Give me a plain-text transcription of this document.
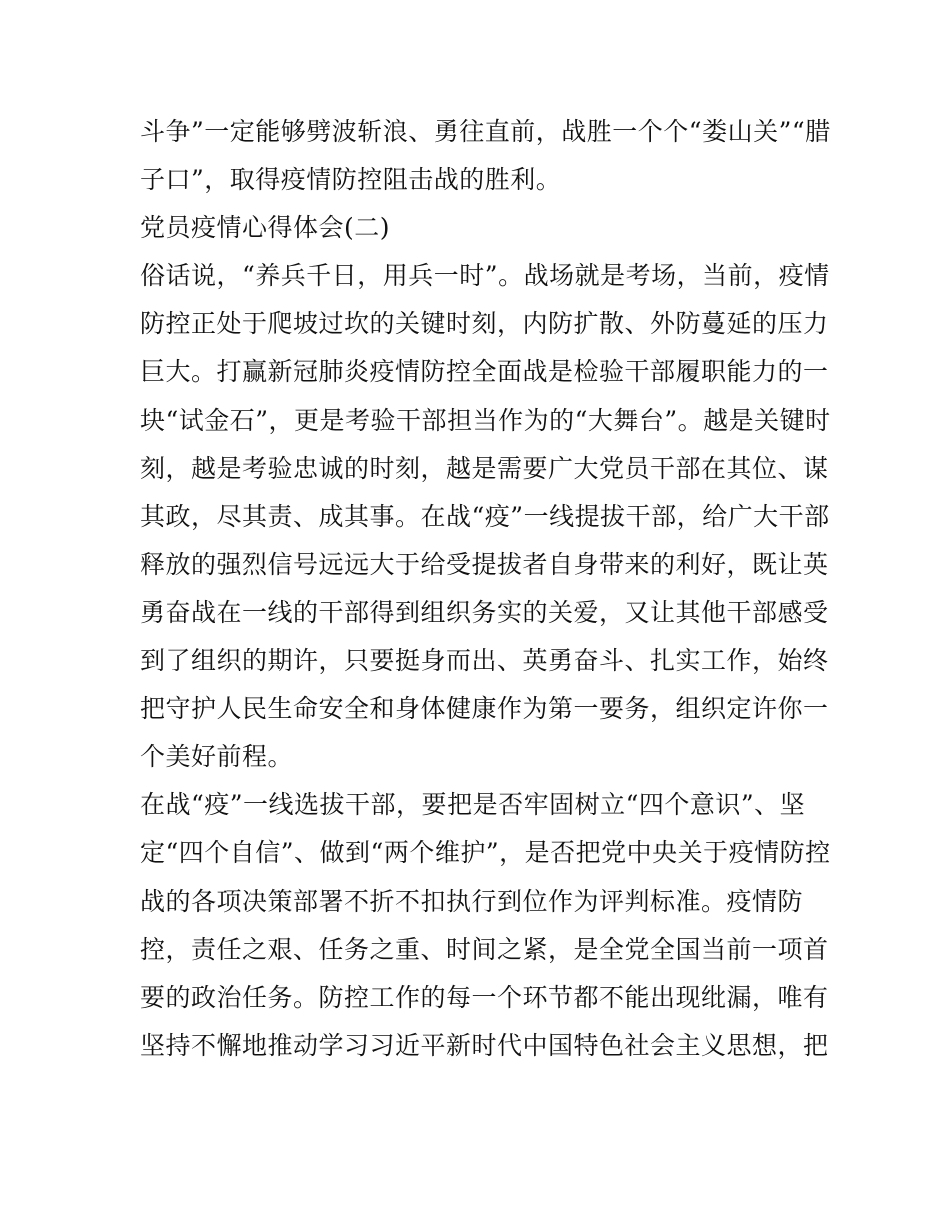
斗争”一定能够劈波斩浪、勇往直前，战胜一个个“娄山关”“腊
子口”，取得疫情防控阻击战的胜利。
党员疫情心得体会(二)
俗话说，“养兵千日，用兵一时”。战场就是考场，当前，疫情
防控正处于爬坡过坎的关键时刻，内防扩散、外防蔓延的压力
巨大。打赢新冠肺炎疫情防控全面战是检验干部履职能力的一
块“试金石”，更是考验干部担当作为的“大舞台”。越是关键时
刻，越是考验忠诚的时刻，越是需要广大党员干部在其位、谋
其政，尽其责、成其事。在战“疫”一线提拔干部，给广大干部
释放的强烈信号远远大于给受提拔者自身带来的利好，既让英
勇奋战在一线的干部得到组织务实的关爱，又让其他干部感受
到了组织的期许，只要挺身而出、英勇奋斗、扎实工作，始终
把守护人民生命安全和身体健康作为第一要务，组织定许你一
个美好前程。
在战“疫”一线选拔干部，要把是否牢固树立“四个意识”、坚
定“四个自信”、做到“两个维护”，是否把党中央关于疫情防控
战的各项决策部署不折不扣执行到位作为评判标准。疫情防
控，责任之艰、任务之重、时间之紧，是全党全国当前一项首
要的政治任务。防控工作的每一个环节都不能出现纰漏，唯有
坚持不懈地推动学习习近平新时代中国特色社会主义思想，把
